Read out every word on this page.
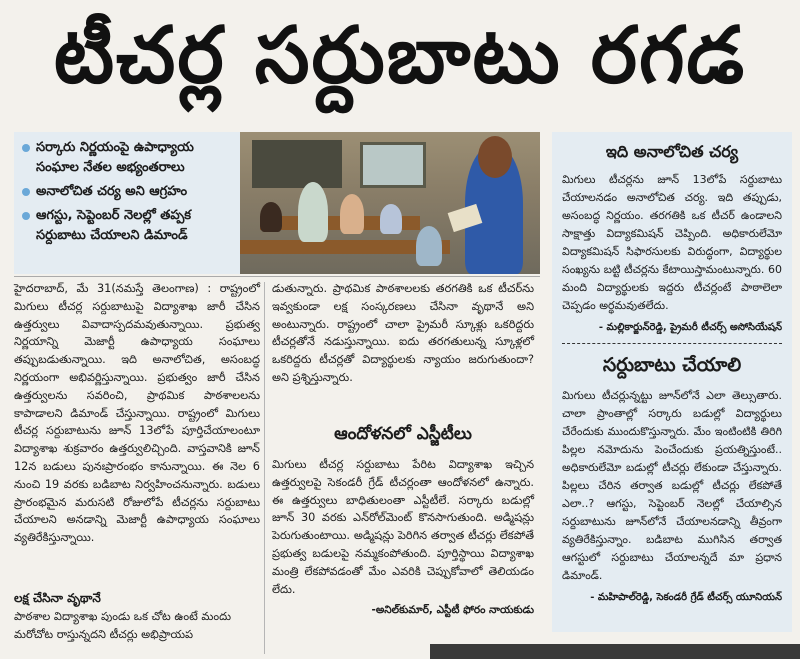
టీచర్ల సర్దుబాటు రగడ
సర్కారు నిర్ణయంపై ఉపాధ్యాయ సంఘాల నేతల అభ్యంతరాలు
అనాలోచిత చర్య అని ఆగ్రహం
ఆగస్టు, సెప్టెంబర్ నెలల్లో తప్పక సర్దుబాటు చేయాలని డిమాండ్

హైదరాబాద్, మే 31(నమస్తే తెలంగాణ) : రాష్ట్రంలో మిగులు టీచర్ల సర్దుబాటుపై విద్యాశాఖ జారీ చేసిన ఉత్తర్వులు వివాదాస్పదమవుతున్నాయి. ప్రభుత్వ నిర్ణయాన్ని మెజార్టీ ఉపాధ్యాయ సంఘాలు తప్పుబడుతున్నాయి. ఇది అనాలోచిత, అసంబద్ధ నిర్ణయంగా అభివర్ణిస్తున్నాయి. ప్రభుత్వం జారీ చేసిన ఉత్తర్వులను సవరించి, ప్రాథమిక పాఠశాలలను కాపాడాలని డిమాండ్ చేస్తున్నాయి. రాష్ట్రంలో మిగులు టీచర్ల సర్దుబాటును జూన్ 13లోపే పూర్తిచేయాలంటూ విద్యాశాఖ శుక్రవారం ఉత్తర్వులిచ్చింది. వాస్తవానికి జూన్ 12న బడులు పునఃప్రారంభం కానున్నాయి. ఈ నెల 6 నుంచి 19 వరకు బడిబాట నిర్వహించనున్నారు. బడులు ప్రారంభమైన మరుసటి రోజులోపే టీచర్లను సర్దుబాటు చేయాలని అనడాన్ని మెజార్టీ ఉపాధ్యాయ సంఘాలు వ్యతిరేకిస్తున్నాయి.

లక్ష చేసినా వృథానే

పాఠశాల విద్యాశాఖ పుండు ఒక చోట ఉంటే మందు మరోచోట రాస్తున్నదని టీచర్లు అభిప్రాయప

డుతున్నారు. ప్రాథమిక పాఠశాలలకు తరగతికి ఒక టీచర్‌ను ఇవ్వకుండా లక్ష సంస్కరణలు చేసినా వృథానే అని అంటున్నారు. రాష్ట్రంలో చాలా ప్రైమరీ స్కూళ్లు ఒకరిద్దరు టీచర్లతోనే నడుస్తున్నాయి. ఐదు తరగతులున్న స్కూళ్లలో ఒకరిద్దరు టీచర్లతో విద్యార్థులకు న్యాయం జరుగుతుందా? అని ప్రశ్నిస్తున్నారు.

ఆందోళనలో ఎస్జీటీలు

మిగులు టీచర్ల సర్దుబాటు పేరిట విద్యాశాఖ ఇచ్చిన ఉత్తర్వులపై సెకండరీ గ్రేడ్ టీచర్లంతా ఆందోళనలో ఉన్నారు. ఈ ఉత్తర్వులు బాధితులంతా ఎస్టీటీలే. సర్కారు బడుల్లో జూన్ 30 వరకు ఎన్‌రోల్‌మెంట్ కొనసాగుతుంది. అడ్మిషన్లు పెరుగుతుంటాయి. అడ్మిషన్లు పెరిగిన తర్వాత టీచర్లు లేకపోతే ప్రభుత్వ బడులపై నమ్మకంపోతుంది. పూర్తిస్థాయి విద్యాశాఖ మంత్రి లేకపోవడంతో మేం ఎవరికి చెప్పుకోవాలో తెలియడం లేదు.

-అనిల్‌కుమార్, ఎస్టీటీ ఫోరం నాయకుడు

ఇది అనాలోచిత చర్య

మిగులు టీచర్లను జూన్ 13లోపే సర్దుబాటు చేయాలనడం అనాలోచిత చర్య. ఇది తప్పుడు, అసంబద్ధ నిర్ణయం. తరగతికి ఒక టీచర్ ఉండాలని సాక్షాత్తు విద్యాకమిషన్ చెప్పింది. అధికారులేమో విద్యాకమిషన్ సిఫారసులకు విరుద్ధంగా, విద్యార్థుల సంఖ్యను బట్టి టీచర్లను కేటాయిస్తామంటున్నారు. 60 మంది విద్యార్థులకు ఇద్దరు టీచర్లంటే పాఠాలెలా చెప్పడం అర్థమవుతలేదు.

- మల్లికార్జున్‌రెడ్డి, ప్రైమరీ టీచర్స్ అసోసియేషన్

సర్దుబాటు చేయాలి

మిగులు టీచర్లున్నట్టు జూన్‌లోనే ఎలా తెల్సుతారు. చాలా ప్రాంతాల్లో సర్కారు బడుల్లో విద్యార్థులు చేరేందుకు ముందుకొస్తున్నారు. మేం ఇంటింటికి తిరిగి పిల్లల నమోదును పెంచేందుకు ప్రయత్నిస్తుంటే.. అధికారులేమో బడుల్లో టీచర్లు లేకుండా చేస్తున్నారు. పిల్లలు చేరిన తర్వాత బడుల్లో టీచర్లు లేకపోతే ఎలా..? ఆగస్టు, సెప్టెంబర్ నెలల్లో చేయాల్సిన సర్దుబాటును జూన్‌లోనే చేయాలనడాన్ని తీవ్రంగా వ్యతిరేకిస్తున్నాం. బడిబాట ముగిసిన తర్వాత ఆగస్టులో సర్దుబాటు చేయాలన్నదే మా ప్రధాన డిమాండ్.

- మహిపాల్‌రెడ్డి, సెకండరీ గ్రేడ్ టీచర్స్ యూనియన్
